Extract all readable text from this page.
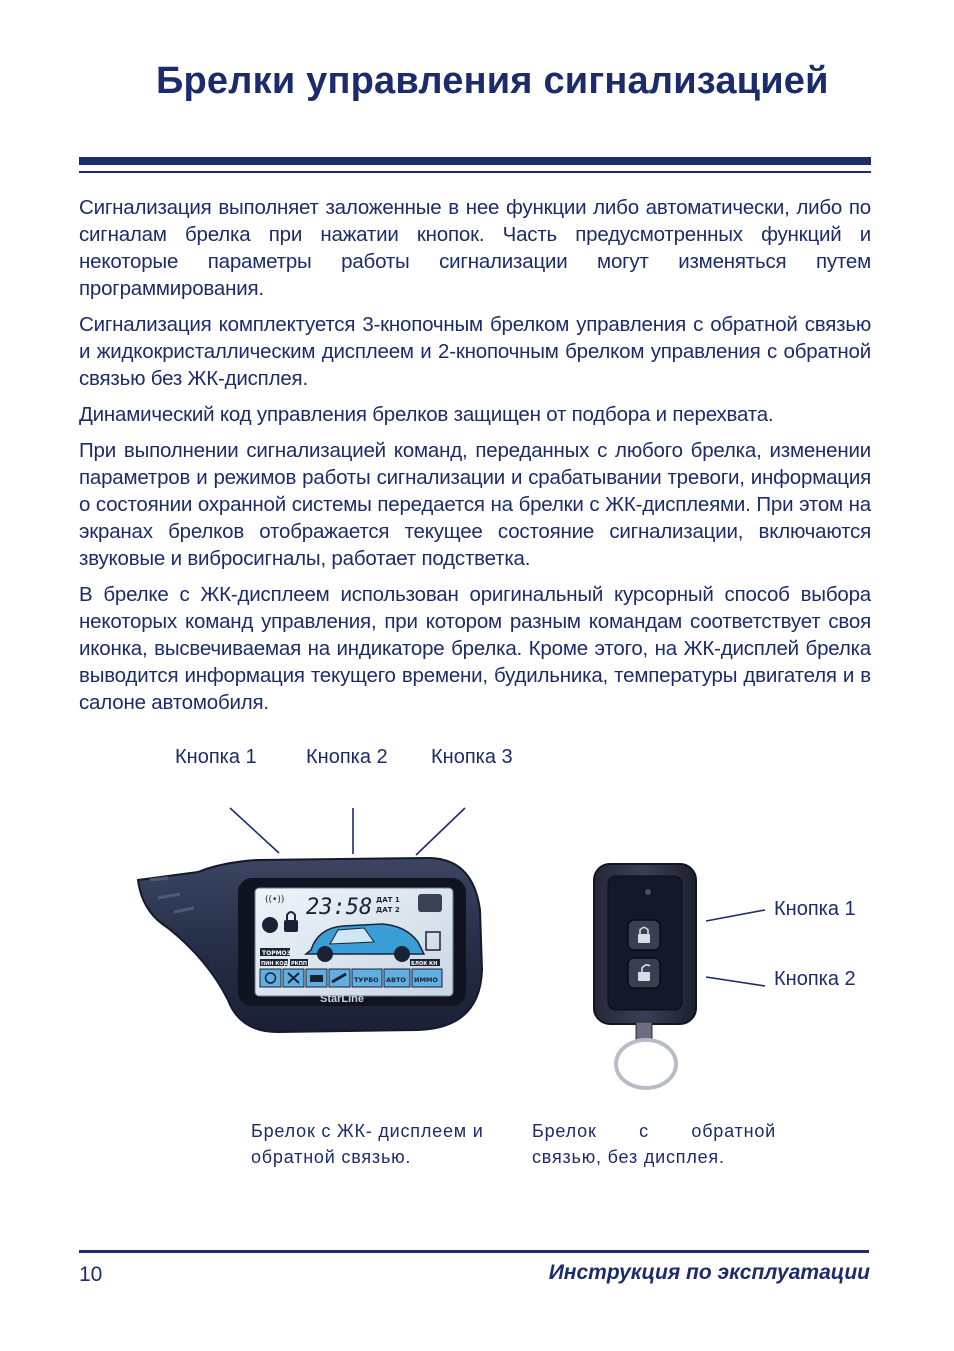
Брелки управления сигнализацией

Сигнализация выполняет заложенные в нее функции либо автоматически, либо по сигналам брелка при нажатии кнопок. Часть предусмотренных функций и некоторые параметры работы сигнализации могут изменяться путем программирования.

Сигнализация комплектуется 3-кнопочным брелком управления с обратной связью и жидкокристаллическим дисплеем и 2-кнопочным брелком управления с обратной связью без ЖК-дисплея.

Динамический код управления брелков защищен от подбора и перехвата.

При выполнении сигнализацией команд, переданных с любого брелка, изменении параметров и режимов работы сигнализации и срабатывании тревоги, информация о состоянии охранной системы передается на брелки с ЖК-дисплеями. При этом на экранах брелков отображается текущее состояние сигнализации, включаются звуковые и вибросигналы, работает подстветка.

В брелке с ЖК-дисплеем использован оригинальный курсорный способ выбора некоторых команд управления, при котором разным командам соответствует своя иконка, высвечиваемая на индикаторе брелка. Кроме этого, на ЖК-дисплей брелка выводится информация текущего времени, будильника, температуры двигателя и в салоне автомобиля.

Кнопка 1 Кнопка 2 Кнопка 3
((•)) 23:58 ДАТ 1
ДАТ 2
ТОРМОЗ
ПИН КОД РКПП	БЛОК КН
ТУРБО АВТО ИММО
StarLine
Кнопка 1
Кнопка 2
Брелок с ЖК- дисплеем и обратной связью.
Брелок с обратной связью, без дисплея.
10	Инструкция по эксплуатации
